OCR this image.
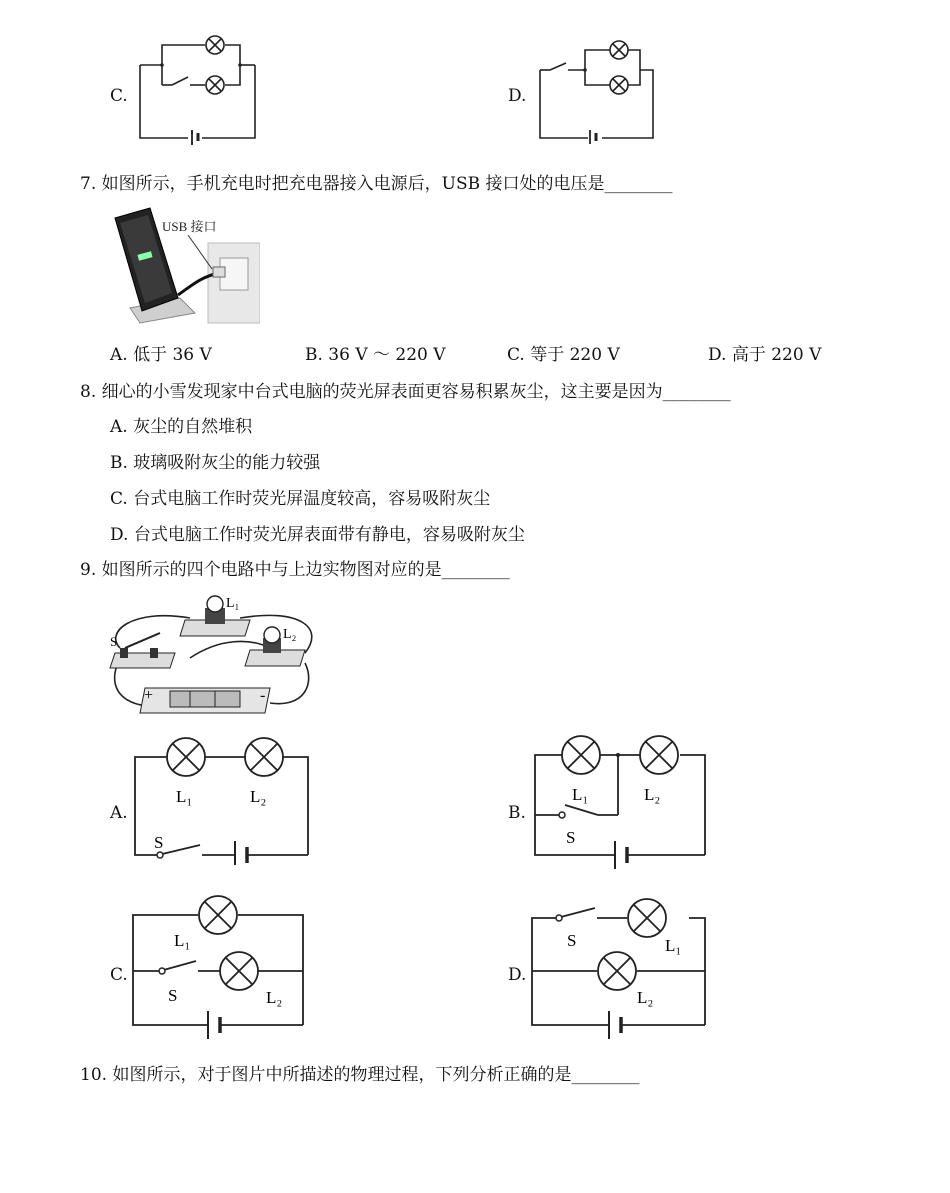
C.	D.
7. 如图所示，手机充电时把充电器接入电源后，USB 接口处的电压是________
USB 接口
A. 低于 36 V	B. 36 V ～ 220 V	C. 等于 220 V	D. 高于 220 V
8. 细心的小雪发现家中台式电脑的荧光屏表面更容易积累灰尘，这主要是因为________
A. 灰尘的自然堆积
B. 玻璃吸附灰尘的能力较强
C. 台式电脑工作时荧光屏温度较高，容易吸附灰尘
D. 台式电脑工作时荧光屏表面带有静电，容易吸附灰尘
9. 如图所示的四个电路中与上边实物图对应的是________
L₁
L₂
S
+	-
A.
L₁	L₂
S
B.
L₁	L₂
S
C.
L₁
S	L₂
D.
S	L₁
L₂
10. 如图所示，对于图片中所描述的物理过程，下列分析正确的是________
